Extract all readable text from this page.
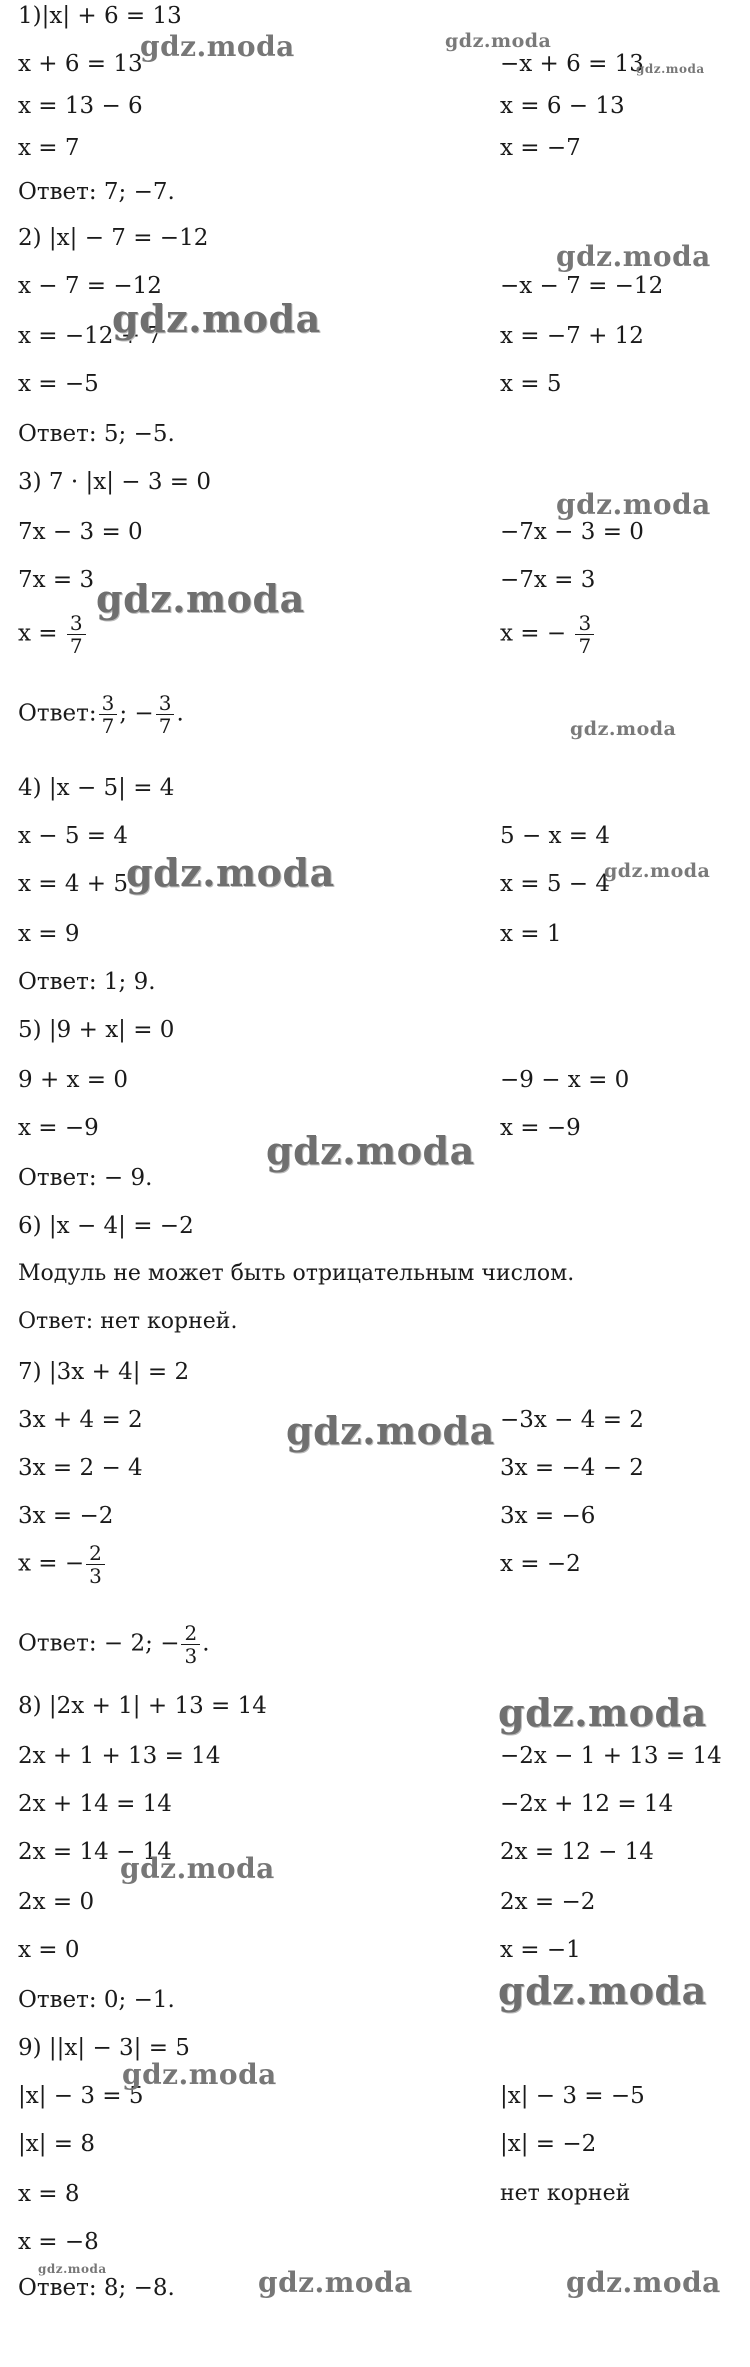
1)|x| + 6 = 13
x + 6 = 13	−x + 6 = 13
x = 13 − 6	x = 6 − 13
x = 7	x = −7
Ответ: 7; −7.
2) |x| − 7 = −12
x − 7 = −12	−x − 7 = −12
x = −12 + 7	x = −7 + 12
x = −5	x = 5
Ответ: 5; −5.
3) 7 · |x| − 3 = 0
7x − 3 = 0	−7x − 3 = 0
7x = 3	−7x = 3
$x = \frac{3}{7}$	x = − $\frac{3}{7}$
Ответ: $\frac{3}{7}$ ; − $\frac{3}{7}$ .
4) |x − 5| = 4
x − 5 = 4	5 − x = 4
x = 4 + 5	x = 5 − 4
x = 9	x = 1
Ответ: 1; 9.
5) |9 + x| = 0
9 + x = 0	−9 − x = 0
x = −9	x = −9
Ответ: − 9.
6) |x − 4| = −2
Модуль не может быть отрицательным числом.
Ответ: нет корней.
7) |3x + 4| = 2
3x + 4 = 2	−3x − 4 = 2
3x = 2 − 4	3x = −4 − 2
3x = −2	3x = −6
x = − $\frac{2}{3}$	x = −2
Ответ: − 2; − $\frac{2}{3}$ .
8) |2x + 1| + 13 = 14
2x + 1 + 13 = 14	−2x − 1 + 13 = 14
2x + 14 = 14	−2x + 12 = 14
2x = 14 − 14	2x = 12 − 14
2x = 0	2x = −2
x = 0	x = −1
Ответ: 0; −1.
9) ||x| − 3| = 5
|x| − 3 = 5	|x| − 3 = −5
|x| = 8	|x| = −2
x = 8	нет корней
x = −8
Ответ: 8; −8.
gdz.moda
gdz.moda
gdz.moda
gdz.moda
gdz.moda
gdz.moda
gdz.moda
gdz.moda
gdz.moda	gdz.moda
gdz.moda
gdz.moda
gdz.moda
gdz.moda
gdz.moda
gdz.moda
gdz.moda	gdz.moda	gdz.moda
